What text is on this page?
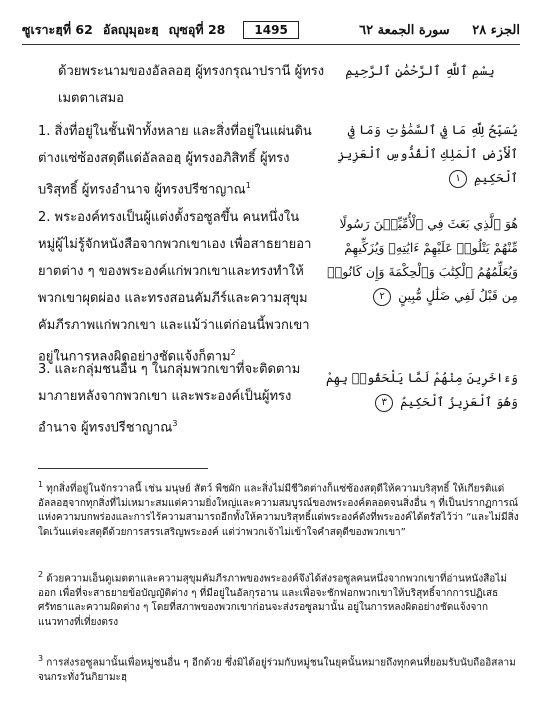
ซูเราะฮฺที่ 62 อัลญุมุอะฮฺ ญุซอุที่ 28	1495	الجزء ٢٨     سورة الجمعة ٦٢
بِسْمِ ٱللَّهِ ٱلرَّحْمَٰنِ ٱلرَّحِيمِ
يُسَبِّحُ لِلَّهِ مَا فِي ٱلسَّمَٰوَٰتِ وَمَا فِي ٱلْأَرْضِ ٱلْمَلِكِ ٱلْقُدُّوسِ ٱلْعَزِيزِ ٱلْحَكِيمِ ١
هُوَ ٱلَّذِي بَعَثَ فِي ٱلْأُمِّيِّـۧنَ رَسُولًا مِّنْهُمْ يَتْلُوا۟ عَلَيْهِمْ ءَايَٰتِهِۦ وَيُزَكِّيهِمْ وَيُعَلِّمُهُمُ ٱلْكِتَٰبَ وَٱلْحِكْمَةَ وَإِن كَانُوا۟ مِن قَبْلُ لَفِي ضَلَٰلٍ مُّبِينٍ ٢
وَءَاخَرِينَ مِنْهُمْ لَمَّا يَلْحَقُوا۟ بِهِمْ وَهُوَ ٱلْعَزِيزُ ٱلْحَكِيمُ ٣
ด้วยพระนามของอัลลอฮฺ ผู้ทรงกรุณาปรานี ผู้ทรงเมตตาเสมอ
1. สิ่งที่อยู่ในชั้นฟ้าทั้งหลาย และสิ่งที่อยู่ในแผ่นดินต่างแซ่ซ้องสดุดีแด่อัลลอฮฺ ผู้ทรงอภิสิทธิ์ ผู้ทรงบริสุทธิ์ ผู้ทรงอำนาจ ผู้ทรงปรีชาญาณ$^1$
2. พระองค์ทรงเป็นผู้แต่งตั้งรอซูลขึ้น คนหนึ่งในหมู่ผู้ไม่รู้จักหนังสือจากพวกเขาเอง เพื่อสาธยายอายาตต่าง ๆ ของพระองค์แก่พวกเขาและทรงทำให้พวกเขาผุดผ่อง และทรงสอนคัมภีร์และความสุขุมคัมภีรภาพแก่พวกเขา และแม้ว่าแต่ก่อนนี้พวกเขาอยู่ในการหลงผิดอย่างชัดแจ้งก็ตาม$^2$
3. และกลุ่มชนอื่น ๆ ในกลุ่มพวกเขาที่จะติดตามมาภายหลังจากพวกเขา และพระองค์เป็นผู้ทรงอำนาจ ผู้ทรงปรีชาญาณ$^3$
$^1$ ทุกสิ่งที่อยู่ในจักรวาลนี้ เช่น มนุษย์ สัตว์ พืชผัก และสิ่งไม่มีชีวิตต่างก็แซ่ซ้องสดุดีให้ความบริสุทธิ์ ให้เกียรติแด่อัลลอฮฺจากทุกสิ่งที่ไม่เหมาะสมแต่ความยิ่งใหญ่และความสมบูรณ์ของพระองค์ตลอดจนสิ่งอื่น ๆ ที่เป็นปรากฏการณ์แห่งความบกพร่องและการไร้ความสามารถอีกทั้งให้ความบริสุทธิ์แด่พระองค์ดังที่พระองค์ได้ตรัสไว้ว่า “และไม่มีสิ่งใดเว้นแต่จะสดุดีด้วยการสรรเสริญพระองค์ แต่ว่าพวกเจ้าไม่เข้าใจคำสดุดีของพวกเขา”
$^2$ ด้วยความเอ็นดูเมตตาและความสุขุมคัมภีรภาพของพระองค์จึงได้ส่งรอซูลคนหนึ่งจากพวกเขาที่อ่านหนังสือไม่ออก เพื่อที่จะสาธยายข้อบัญญัติต่าง ๆ ที่มีอยู่ในอัลกุรอาน และเพื่อจะชักฟอกพวกเขาให้บริสุทธิ์จากการปฏิเสธศรัทธาและความผิดต่าง ๆ โดยที่สภาพของพวกเขาก่อนจะส่งรอซูลมานั้น อยู่ในการหลงผิดอย่างชัดแจ้งจากแนวทางที่เที่ยงตรง
$^3$ การส่งรอซูลมานั้นเพื่อหมู่ชนอื่น ๆ อีกด้วย ซึ่งมิได้อยู่ร่วมกับหมู่ชนในยุคนั้นหมายถึงทุกคนที่ยอมรับนับถืออิสลามจนกระทั่งวันกิยามะฮฺ
